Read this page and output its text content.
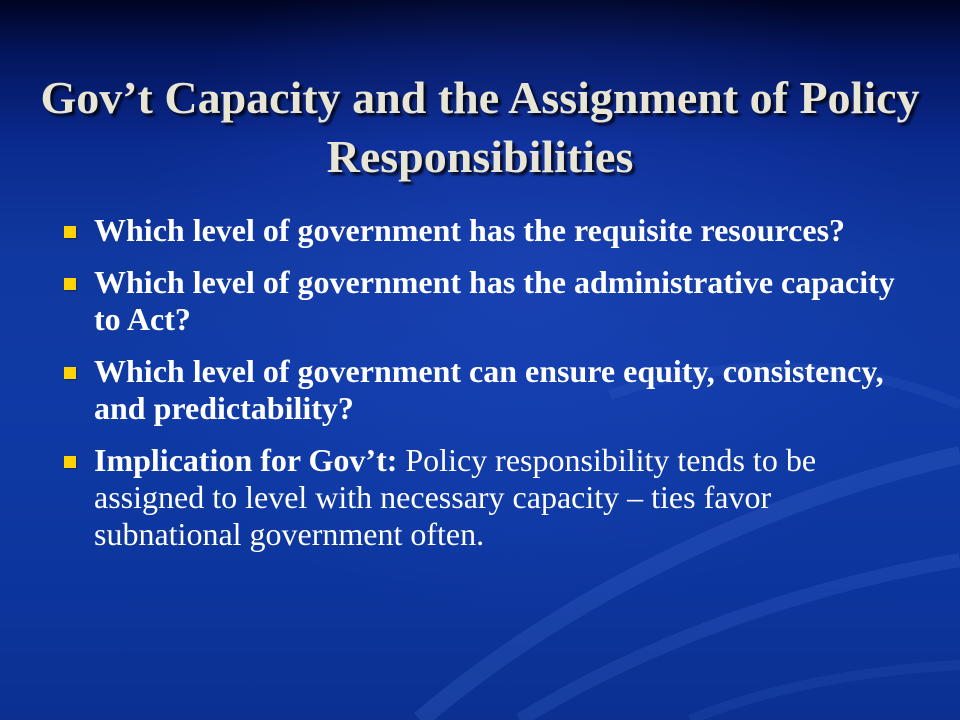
Gov’t Capacity and the Assignment of Policy Responsibilities
Which level of government has the requisite resources?
Which level of government has the administrative capacity to Act?
Which level of government can ensure equity, consistency, and predictability?
Implication for Gov’t: Policy responsibility tends to be assigned to level with necessary capacity – ties favor subnational government often.
